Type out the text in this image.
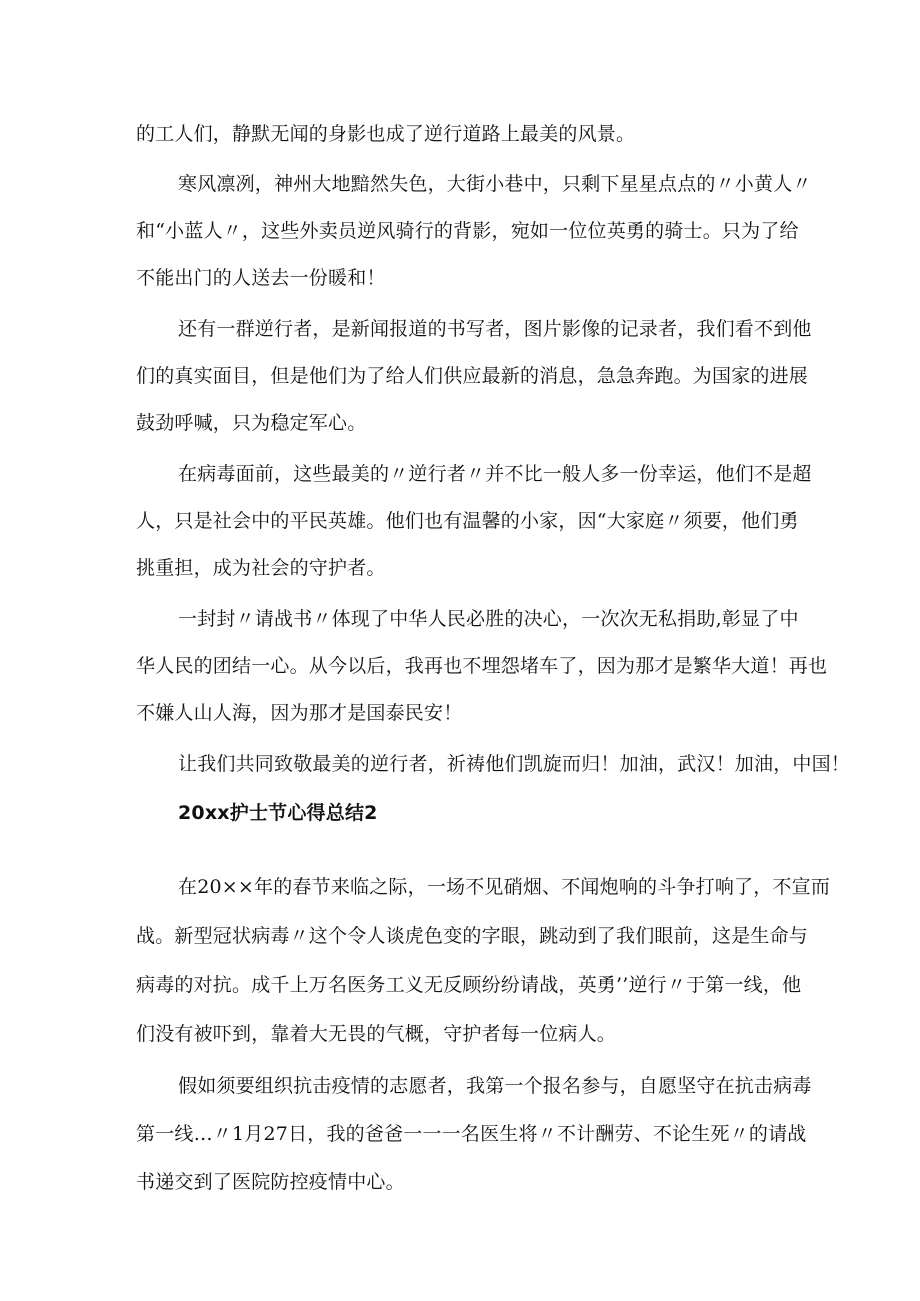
的工人们，静默无闻的身影也成了逆行道路上最美的风景。
寒风凛冽，神州大地黯然失色，大街小巷中，只剩下星星点点的〃小黄人〃
和“小蓝人〃，这些外卖员逆风骑行的背影，宛如一位位英勇的骑士。只为了给
不能出门的人送去一份暖和！
还有一群逆行者，是新闻报道的书写者，图片影像的记录者，我们看不到他
们的真实面目，但是他们为了给人们供应最新的消息，急急奔跑。为国家的进展
鼓劲呼喊，只为稳定军心。
在病毒面前，这些最美的〃逆行者〃并不比一般人多一份幸运，他们不是超
人，只是社会中的平民英雄。他们也有温馨的小家，因“大家庭〃须要，他们勇
挑重担，成为社会的守护者。
一封封〃请战书〃体现了中华人民必胜的决心，一次次无私捐助,彰显了中
华人民的团结一心。从今以后，我再也不埋怨堵车了，因为那才是繁华大道！再也
不嫌人山人海，因为那才是国泰民安！
让我们共同致敬最美的逆行者，祈祷他们凯旋而归！加油，武汉！加油，中国！
20xx护士节心得总结2
在20××年的春节来临之际，一场不见硝烟、不闻炮响的斗争打响了，不宣而
战。新型冠状病毒〃这个令人谈虎色变的字眼，跳动到了我们眼前，这是生命与
病毒的对抗。成千上万名医务工义无反顾纷纷请战，英勇’’逆行〃于第一线，他
们没有被吓到，靠着大无畏的气概，守护者每一位病人。
假如须要组织抗击疫情的志愿者，我第一个报名参与，自愿坚守在抗击病毒
第一线…〃1月27日，我的爸爸一一一名医生将〃不计酬劳、不论生死〃的请战
书递交到了医院防控疫情中心。
